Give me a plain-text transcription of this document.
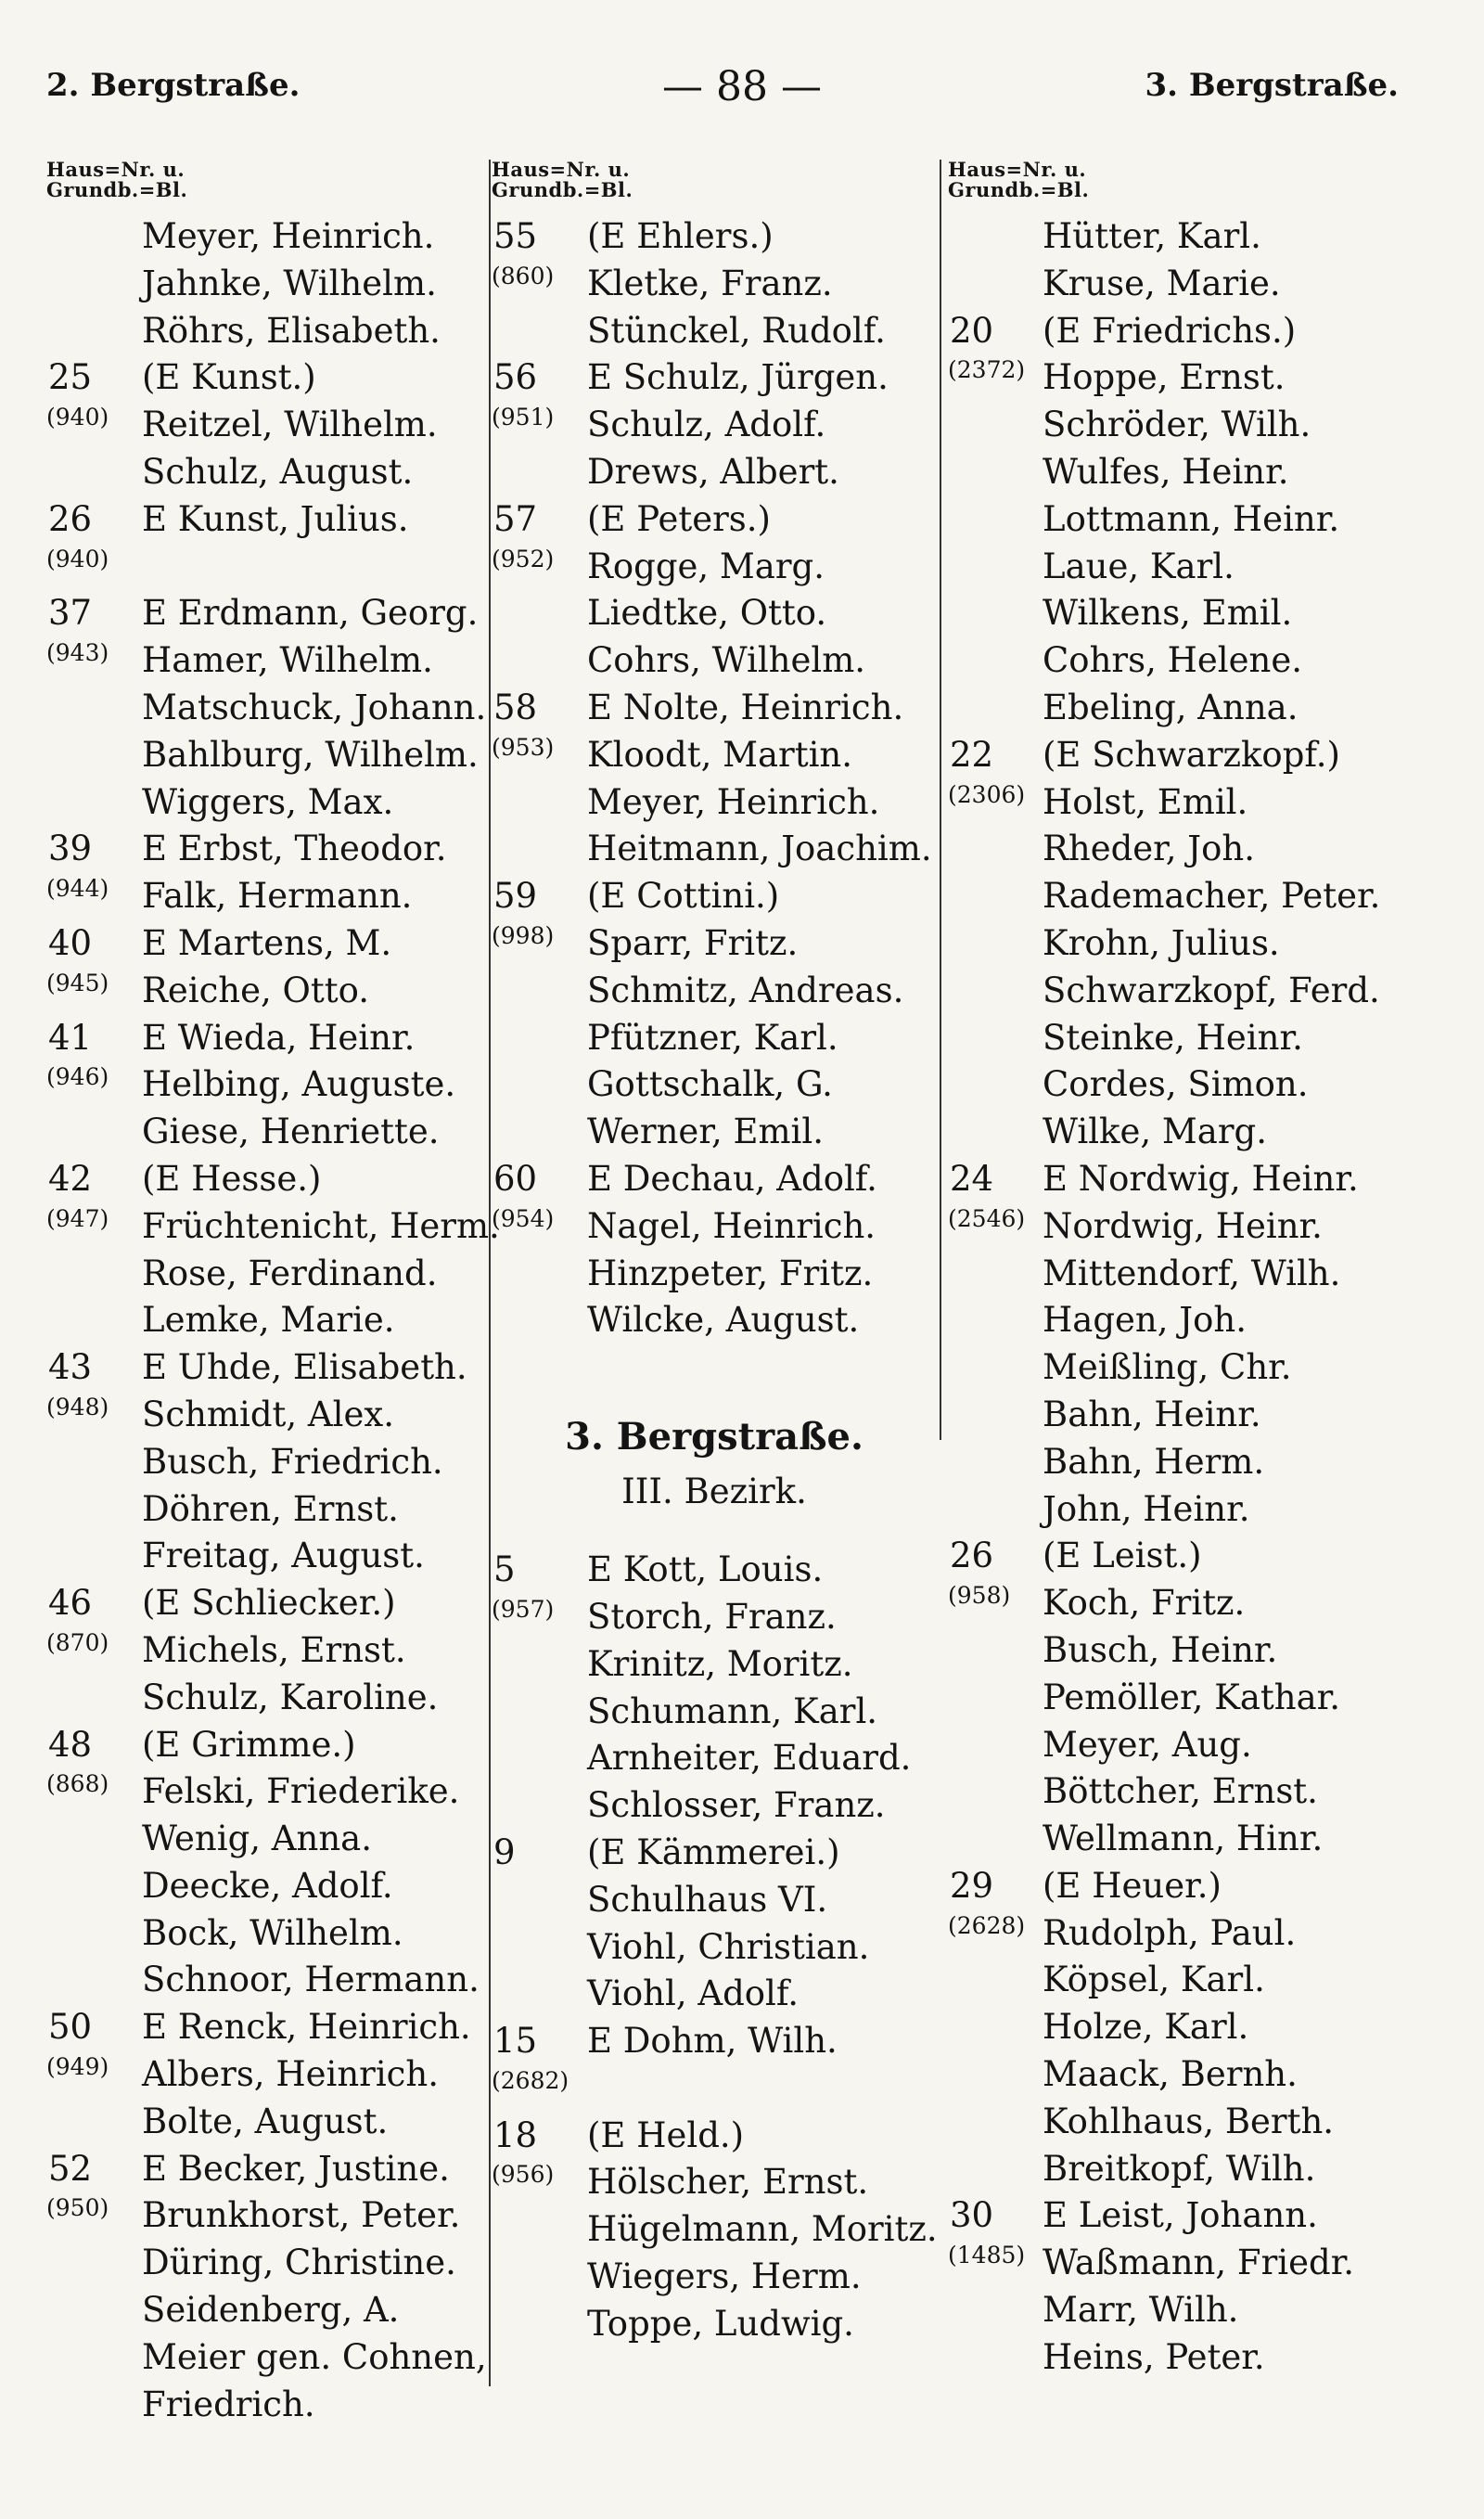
2. Bergstraße.	— 88 —	3. Bergstraße.
Haus=Nr. u.
Grundb.=Bl.
Meyer, Heinrich.
Jahnke, Wilhelm.
Röhrs, Elisabeth.
25 (E Kunst.)
(940) Reitzel, Wilhelm.
Schulz, August.
26 E Kunst, Julius.
(940)
37 E Erdmann, Georg.
(943) Hamer, Wilhelm.
Matschuck, Johann.
Bahlburg, Wilhelm.
Wiggers, Max.
39 E Erbst, Theodor.
(944) Falk, Hermann.
40 E Martens, M.
(945) Reiche, Otto.
41 E Wieda, Heinr.
(946) Helbing, Auguste.
Giese, Henriette.
42 (E Hesse.)
(947) Früchtenicht, Herm.
Rose, Ferdinand.
Lemke, Marie.
43 E Uhde, Elisabeth.
(948) Schmidt, Alex.
Busch, Friedrich.
Döhren, Ernst.
Freitag, August.
46 (E Schliecker.)
(870) Michels, Ernst.
Schulz, Karoline.
48 (E Grimme.)
(868) Felski, Friederike.
Wenig, Anna.
Deecke, Adolf.
Bock, Wilhelm.
Schnoor, Hermann.
50 E Renck, Heinrich.
(949) Albers, Heinrich.
Bolte, August.
52 E Becker, Justine.
(950) Brunkhorst, Peter.
Düring, Christine.
Seidenberg, A.
Meier gen. Cohnen,
Friedrich.
Haus=Nr. u.
Grundb.=Bl.
55 (E Ehlers.)
(860) Kletke, Franz.
Stünckel, Rudolf.
56 E Schulz, Jürgen.
(951) Schulz, Adolf.
Drews, Albert.
57 (E Peters.)
(952) Rogge, Marg.
Liedtke, Otto.
Cohrs, Wilhelm.
58 E Nolte, Heinrich.
(953) Kloodt, Martin.
Meyer, Heinrich.
Heitmann, Joachim.
59 (E Cottini.)
(998) Sparr, Fritz.
Schmitz, Andreas.
Pfützner, Karl.
Gottschalk, G.
Werner, Emil.
60 E Dechau, Adolf.
(954) Nagel, Heinrich.
Hinzpeter, Fritz.
Wilcke, August.
3. Bergstraße.
III. Bezirk.
5 E Kott, Louis.
(957) Storch, Franz.
Krinitz, Moritz.
Schumann, Karl.
Arnheiter, Eduard.
Schlosser, Franz.
9 (E Kämmerei.)
Schulhaus VI.
Viohl, Christian.
Viohl, Adolf.
15 E Dohm, Wilh.
(2682)
18 (E Held.)
(956) Hölscher, Ernst.
Hügelmann, Moritz.
Wiegers, Herm.
Toppe, Ludwig.
Haus=Nr. u.
Grundb.=Bl.
Hütter, Karl.
Kruse, Marie.
20 (E Friedrichs.)
(2372) Hoppe, Ernst.
Schröder, Wilh.
Wulfes, Heinr.
Lottmann, Heinr.
Laue, Karl.
Wilkens, Emil.
Cohrs, Helene.
Ebeling, Anna.
22 (E Schwarzkopf.)
(2306) Holst, Emil.
Rheder, Joh.
Rademacher, Peter.
Krohn, Julius.
Schwarzkopf, Ferd.
Steinke, Heinr.
Cordes, Simon.
Wilke, Marg.
24 E Nordwig, Heinr.
(2546) Nordwig, Heinr.
Mittendorf, Wilh.
Hagen, Joh.
Meißling, Chr.
Bahn, Heinr.
Bahn, Herm.
John, Heinr.
26 (E Leist.)
(958) Koch, Fritz.
Busch, Heinr.
Pemöller, Kathar.
Meyer, Aug.
Böttcher, Ernst.
Wellmann, Hinr.
29 (E Heuer.)
(2628) Rudolph, Paul.
Köpsel, Karl.
Holze, Karl.
Maack, Bernh.
Kohlhaus, Berth.
Breitkopf, Wilh.
30 E Leist, Johann.
(1485) Waßmann, Friedr.
Marr, Wilh.
Heins, Peter.
